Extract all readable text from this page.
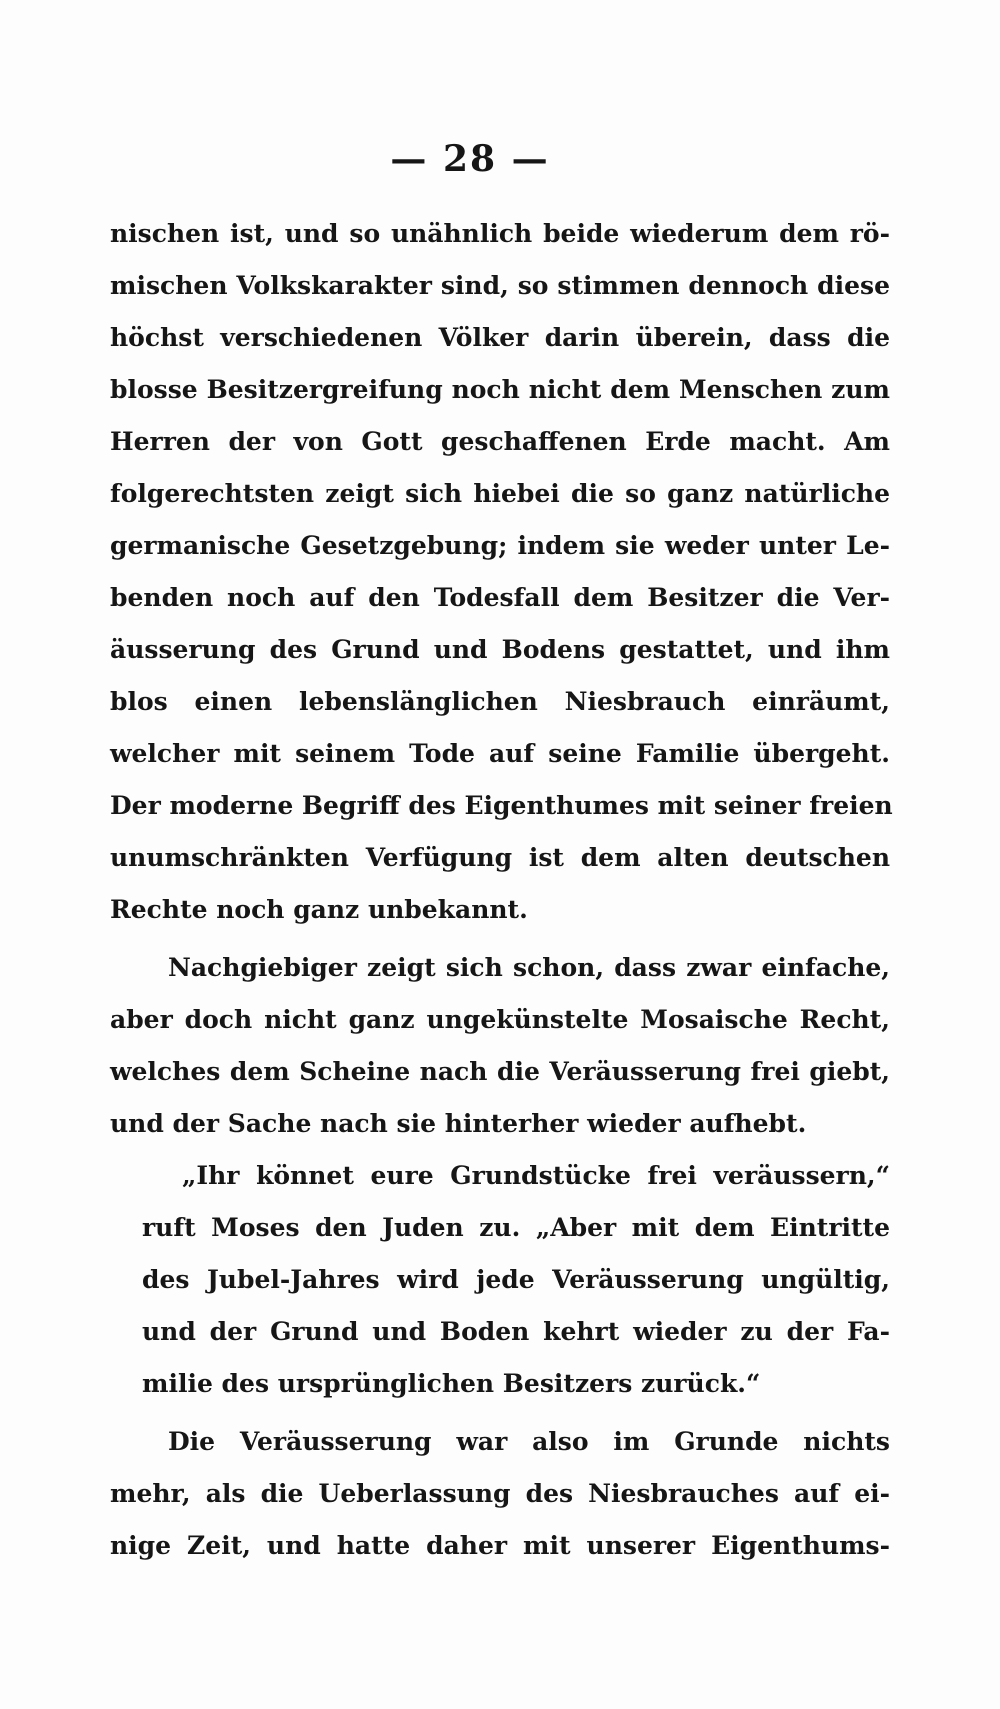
— 28 —
nischen ist, und so unähnlich beide wiederum dem rö-
mischen Volkskarakter sind, so stimmen dennoch diese
höchst verschiedenen Völker darin überein, dass die
blosse Besitzergreifung noch nicht dem Menschen zum
Herren der von Gott geschaffenen Erde macht. Am
folgerechtsten zeigt sich hiebei die so ganz natürliche
germanische Gesetzgebung; indem sie weder unter Le-
benden noch auf den Todesfall dem Besitzer die Ver-
äusserung des Grund und Bodens gestattet, und ihm
blos einen lebenslänglichen Niesbrauch einräumt,
welcher mit seinem Tode auf seine Familie übergeht.
Der moderne Begriff des Eigenthumes mit seiner freien
unumschränkten Verfügung ist dem alten deutschen
Rechte noch ganz unbekannt.
Nachgiebiger zeigt sich schon, dass zwar einfache,
aber doch nicht ganz ungekünstelte Mosaische Recht,
welches dem Scheine nach die Veräusserung frei giebt,
und der Sache nach sie hinterher wieder aufhebt.
„Ihr könnet eure Grundstücke frei veräussern,“
ruft Moses den Juden zu. „Aber mit dem Eintritte
des Jubel-Jahres wird jede Veräusserung ungültig,
und der Grund und Boden kehrt wieder zu der Fa-
milie des ursprünglichen Besitzers zurück.“
Die Veräusserung war also im Grunde nichts
mehr, als die Ueberlassung des Niesbrauches auf ei-
nige Zeit, und hatte daher mit unserer Eigenthums-
